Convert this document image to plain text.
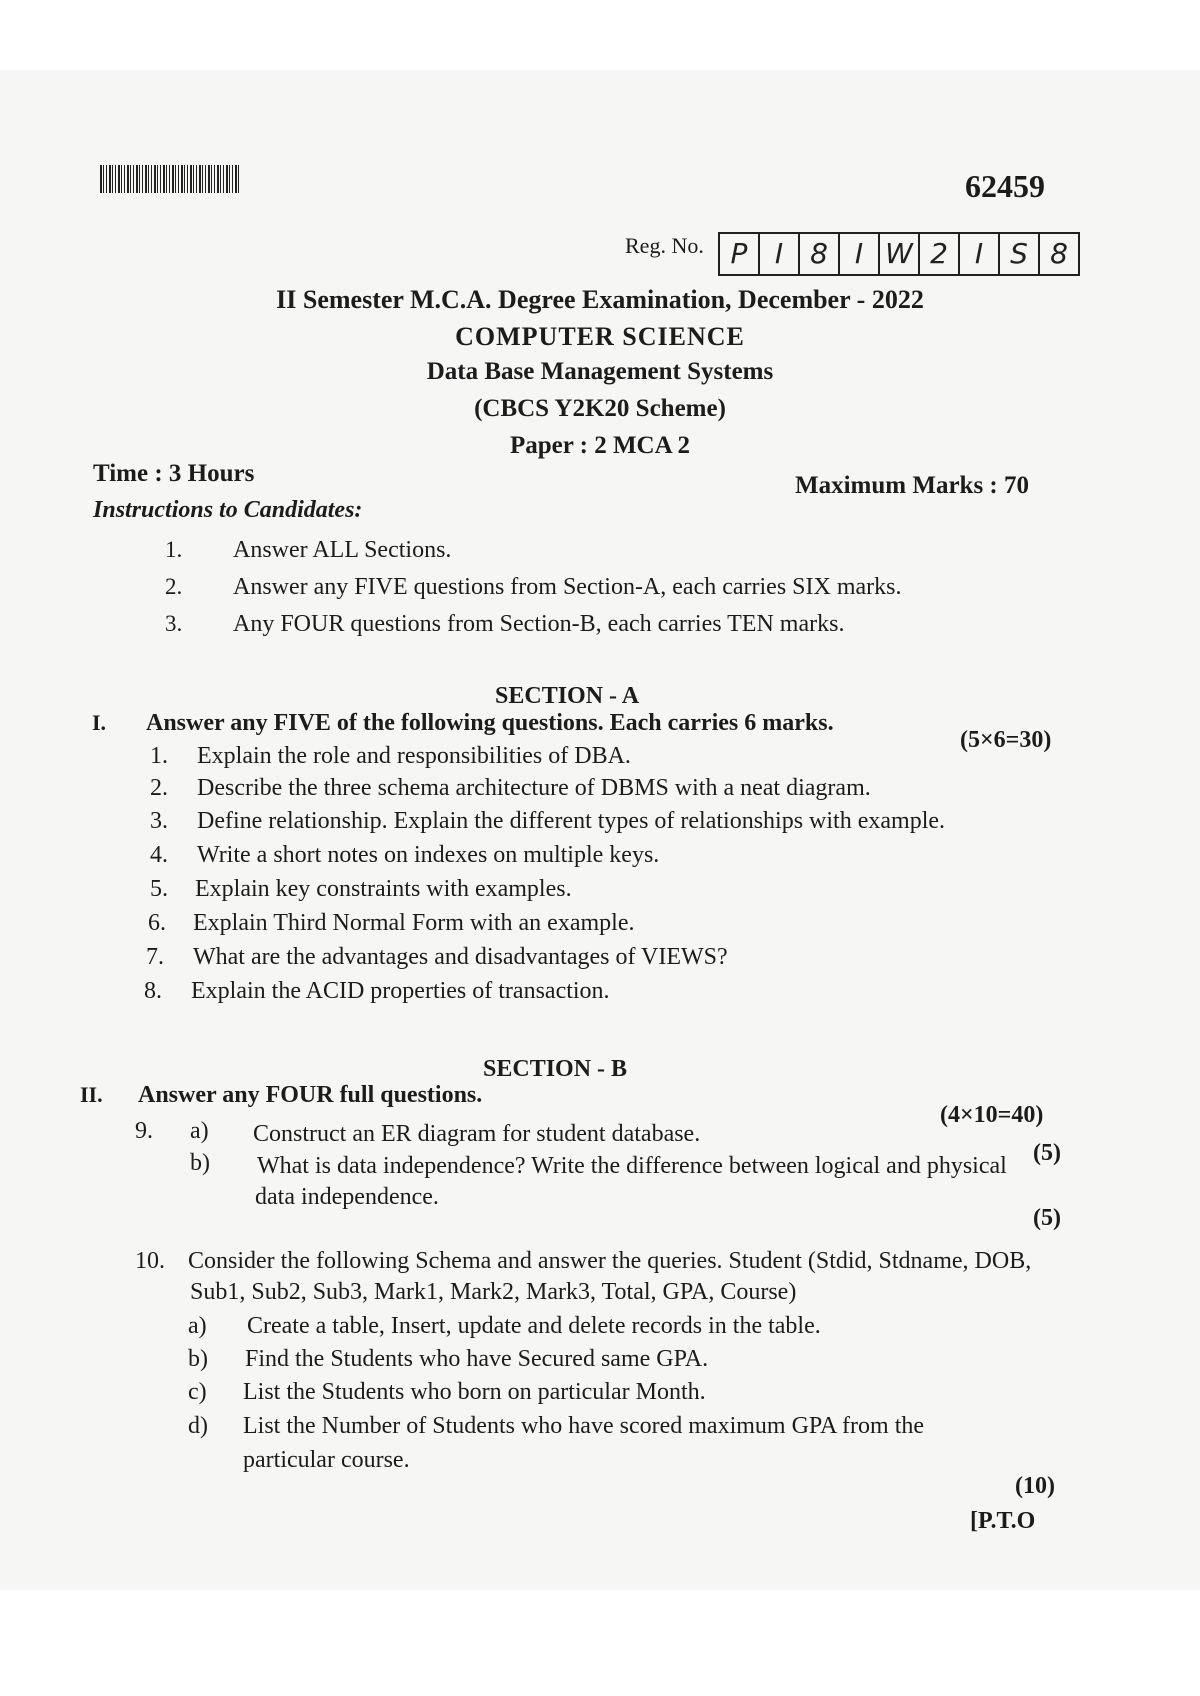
62459
Reg. No. P I 8 I W 2 I S 8
II Semester M.C.A. Degree Examination, December - 2022
COMPUTER SCIENCE
Data Base Management Systems
(CBCS Y2K20 Scheme)
Paper : 2 MCA 2
Time : 3 Hours	Maximum Marks : 70
Instructions to Candidates:
1. Answer ALL Sections.
2. Answer any FIVE questions from Section-A, each carries SIX marks.
3. Any FOUR questions from Section-B, each carries TEN marks.
SECTION - A
I. Answer any FIVE of the following questions. Each carries 6 marks.
(5×6=30)
1. Explain the role and responsibilities of DBA.
2. Describe the three schema architecture of DBMS with a neat diagram.
3. Define relationship. Explain the different types of relationships with example.
4. Write a short notes on indexes on multiple keys.
5. Explain key constraints with examples.
6. Explain Third Normal Form with an example.
7. What are the advantages and disadvantages of VIEWS?
8. Explain the ACID properties of transaction.
SECTION - B
II. Answer any FOUR full questions.
(4×10=40)
9. a) Construct an ER diagram for student database.
(5)
b) What is data independence? Write the difference between logical and physical
data independence.
(5)
10. Consider the following Schema and answer the queries. Student (Stdid, Stdname, DOB,
Sub1, Sub2, Sub3, Mark1, Mark2, Mark3, Total, GPA, Course)
a) Create a table, Insert, update and delete records in the table.
b) Find the Students who have Secured same GPA.
c) List the Students who born on particular Month.
d) List the Number of Students who have scored maximum GPA from the
particular course.
(10)
[P.T.O
